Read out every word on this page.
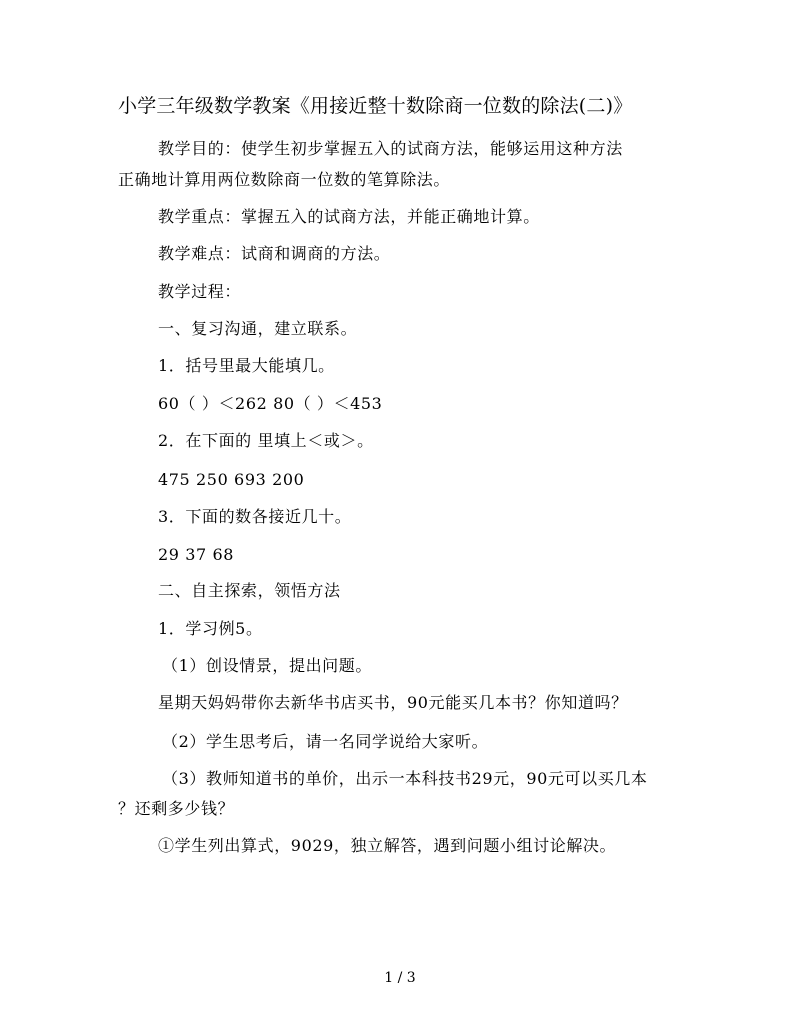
小学三年级数学教案《用接近整十数除商一位数的除法(二)》
教学目的：使学生初步掌握五入的试商方法，能够运用这种方法
正确地计算用两位数除商一位数的笔算除法。
教学重点：掌握五入的试商方法，并能正确地计算。
教学难点：试商和调商的方法。
教学过程：
一、复习沟通，建立联系。
1．括号里最大能填几。
60（ ）＜262 80（ ）＜453
2．在下面的 里填上＜或＞。
475 250 693 200
3．下面的数各接近几十。
29 37 68
二、自主探索，领悟方法
1．学习例5。
（1）创设情景，提出问题。
星期天妈妈带你去新华书店买书，90元能买几本书？你知道吗？
（2）学生思考后，请一名同学说给大家听。
（3）教师知道书的单价，出示一本科技书29元，90元可以买几本
？还剩多少钱？
①学生列出算式，9029，独立解答，遇到问题小组讨论解决。
1 / 3
